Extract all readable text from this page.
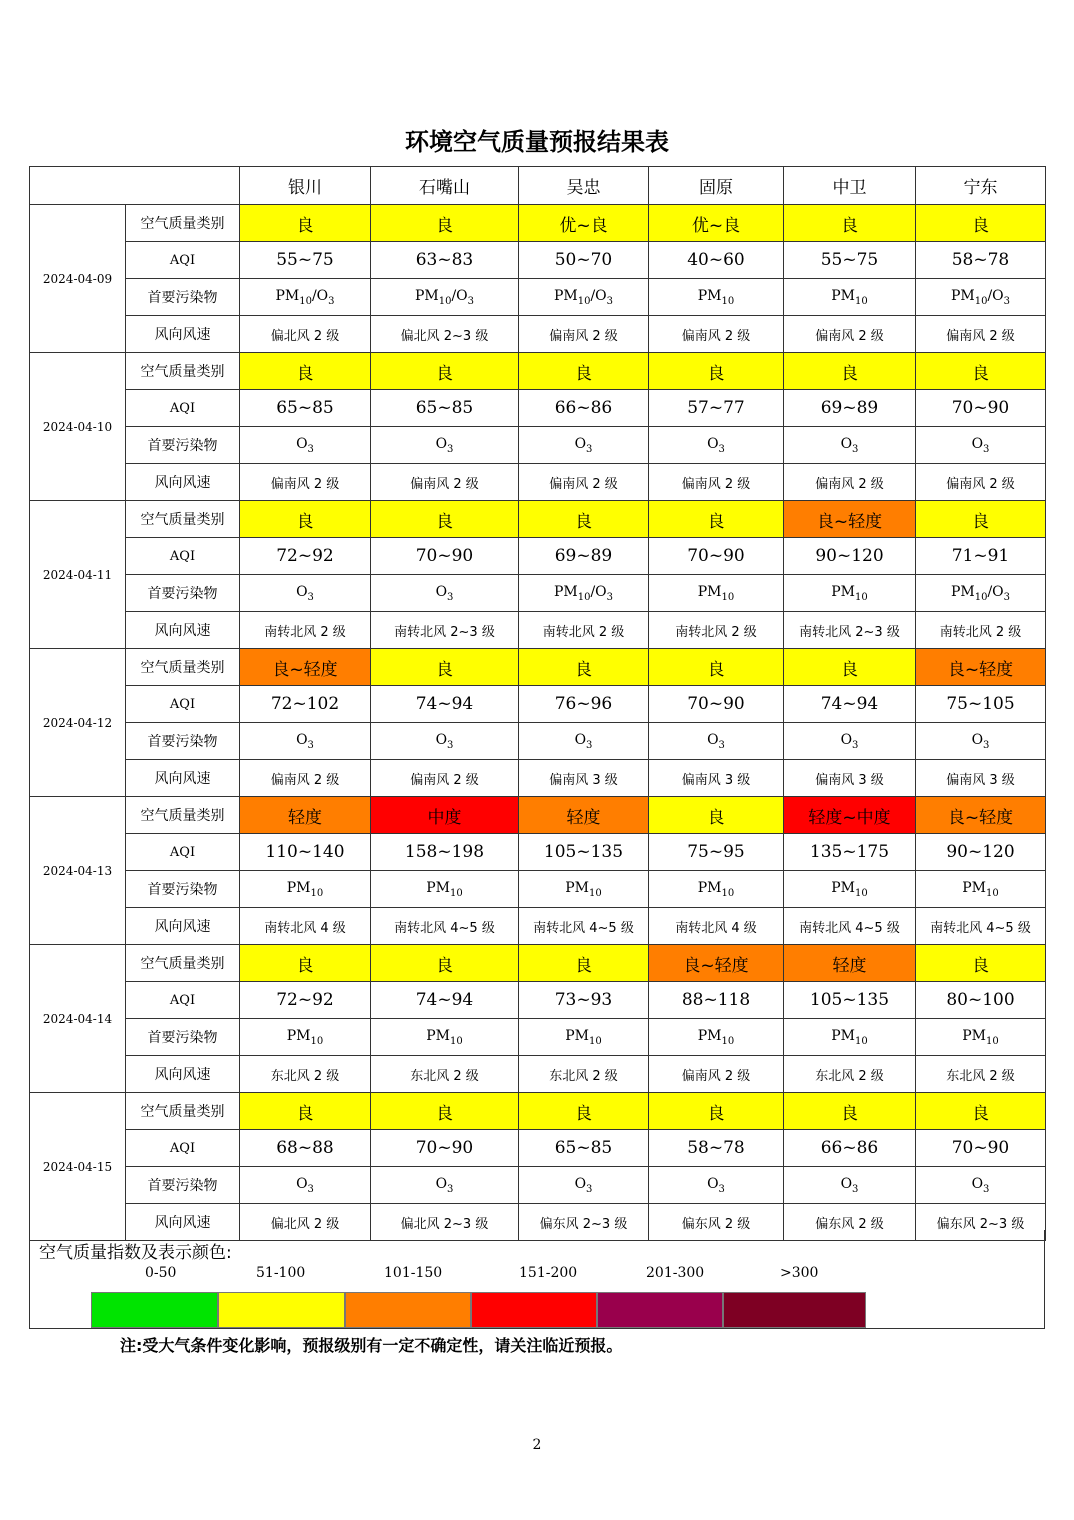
环境空气质量预报结果表
		银川	石嘴山	吴忠	固原	中卫	宁东
2024-04-09	空气质量类别	良	良	优~良	优~良	良	良
	AQI	55~75	63~83	50~70	40~60	55~75	58~78
	首要污染物	$PM_{10}/O_3$	$PM_{10}/O_3$	$PM_{10}/O_3$	$PM_{10}$	$PM_{10}$	$PM_{10}/O_3$
	风向风速	偏北风 2 级	偏北风 2~3 级	偏南风 2 级	偏南风 2 级	偏南风 2 级	偏南风 2 级
2024-04-10	空气质量类别	良	良	良	良	良	良
	AQI	65~85	65~85	66~86	57~77	69~89	70~90
	首要污染物	$O_3$	$O_3$	$O_3$	$O_3$	$O_3$	$O_3$
	风向风速	偏南风 2 级	偏南风 2 级	偏南风 2 级	偏南风 2 级	偏南风 2 级	偏南风 2 级
2024-04-11	空气质量类别	良	良	良	良	良~轻度	良
	AQI	72~92	70~90	69~89	70~90	90~120	71~91
	首要污染物	$O_3$	$O_3$	$PM_{10}/O_3$	$PM_{10}$	$PM_{10}$	$PM_{10}/O_3$
	风向风速	南转北风 2 级	南转北风 2~3 级	南转北风 2 级	南转北风 2 级	南转北风 2~3 级	南转北风 2 级
2024-04-12	空气质量类别	良~轻度	良	良	良	良	良~轻度
	AQI	72~102	74~94	76~96	70~90	74~94	75~105
	首要污染物	$O_3$	$O_3$	$O_3$	$O_3$	$O_3$	$O_3$
	风向风速	偏南风 2 级	偏南风 2 级	偏南风 3 级	偏南风 3 级	偏南风 3 级	偏南风 3 级
2024-04-13	空气质量类别	轻度	中度	轻度	良	轻度~中度	良~轻度
	AQI	110~140	158~198	105~135	75~95	135~175	90~120
	首要污染物	$PM_{10}$	$PM_{10}$	$PM_{10}$	$PM_{10}$	$PM_{10}$	$PM_{10}$
	风向风速	南转北风 4 级	南转北风 4~5 级	南转北风 4~5 级	南转北风 4 级	南转北风 4~5 级	南转北风 4~5 级
2024-04-14	空气质量类别	良	良	良	良~轻度	轻度	良
	AQI	72~92	74~94	73~93	88~118	105~135	80~100
	首要污染物	$PM_{10}$	$PM_{10}$	$PM_{10}$	$PM_{10}$	$PM_{10}$	$PM_{10}$
	风向风速	东北风 2 级	东北风 2 级	东北风 2 级	偏南风 2 级	东北风 2 级	东北风 2 级
2024-04-15	空气质量类别	良	良	良	良	良	良
	AQI	68~88	70~90	65~85	58~78	66~86	70~90
	首要污染物	$O_3$	$O_3$	$O_3$	$O_3$	$O_3$	$O_3$
	风向风速	偏北风 2 级	偏北风 2~3 级	偏东风 2~3 级	偏东风 2 级	偏东风 2 级	偏东风 2~3 级
空气质量指数及表示颜色:
0-50	51-100	101-150	151-200	201-300	>300
注:受大气条件变化影响，预报级别有一定不确定性，请关注临近预报。
2
